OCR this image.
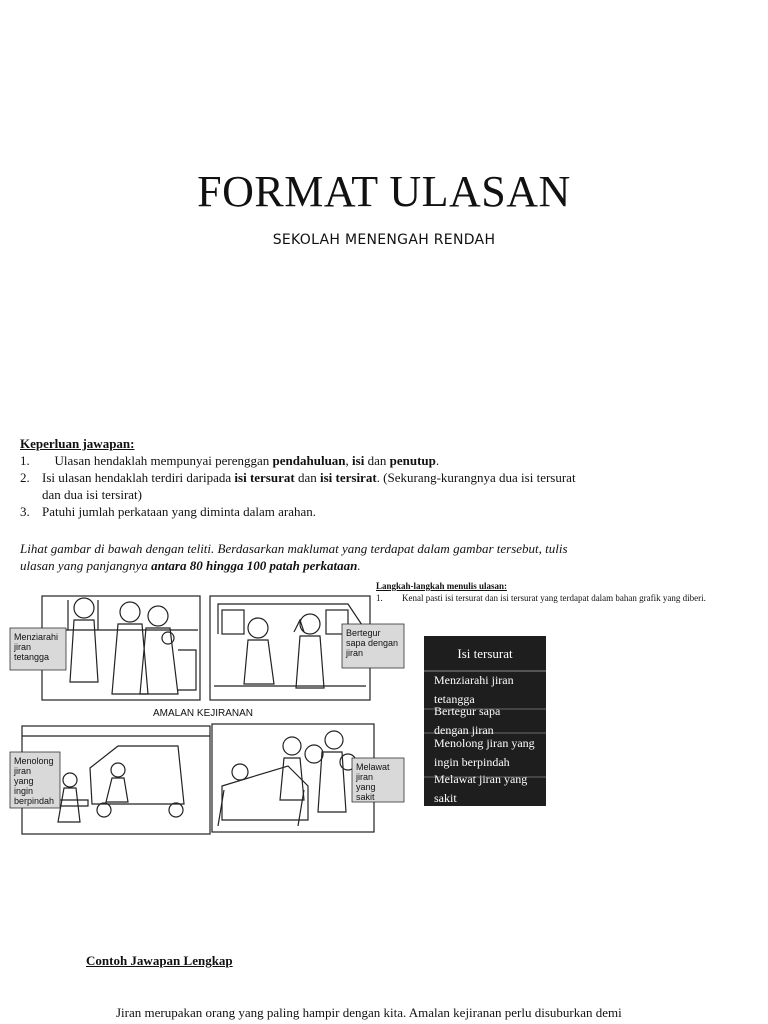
FORMAT ULASAN
SEKOLAH MENENGAH RENDAH
Keperluan jawapan:
1.	Ulasan hendaklah mempunyai perenggan pendahuluan, isi dan penutup.
2. Isi ulasan hendaklah terdiri daripada isi tersurat dan isi tersirat. (Sekurang-kurangnya dua isi tersurat dan dua isi tersirat)
3. Patuhi jumlah perkataan yang diminta dalam arahan.
Lihat gambar di bawah dengan teliti. Berdasarkan maklumat yang terdapat dalam gambar tersebut, tulis ulasan yang panjangnya antara 80 hingga 100 patah perkataan.
AMALAN KEJIRANAN
Menziarahi jiran tetangga
Bertegur sapa dengan jiran
Menolong jiran yang ingin berpindah
Melawat jiran yang sakit
Langkah-langkah menulis ulasan:
1.	Kenal pasti isi tersurat dan isi tersurat yang terdapat dalam bahan grafik yang diberi.
Isi tersurat
Menziarahi jiran tetangga
Bertegur sapa dengan jiran
Menolong jiran yang ingin berpindah
Melawat jiran yang sakit
Contoh Jawapan Lengkap
Jiran merupakan orang yang paling hampir dengan kita. Amalan kejiranan perlu disuburkan demi
